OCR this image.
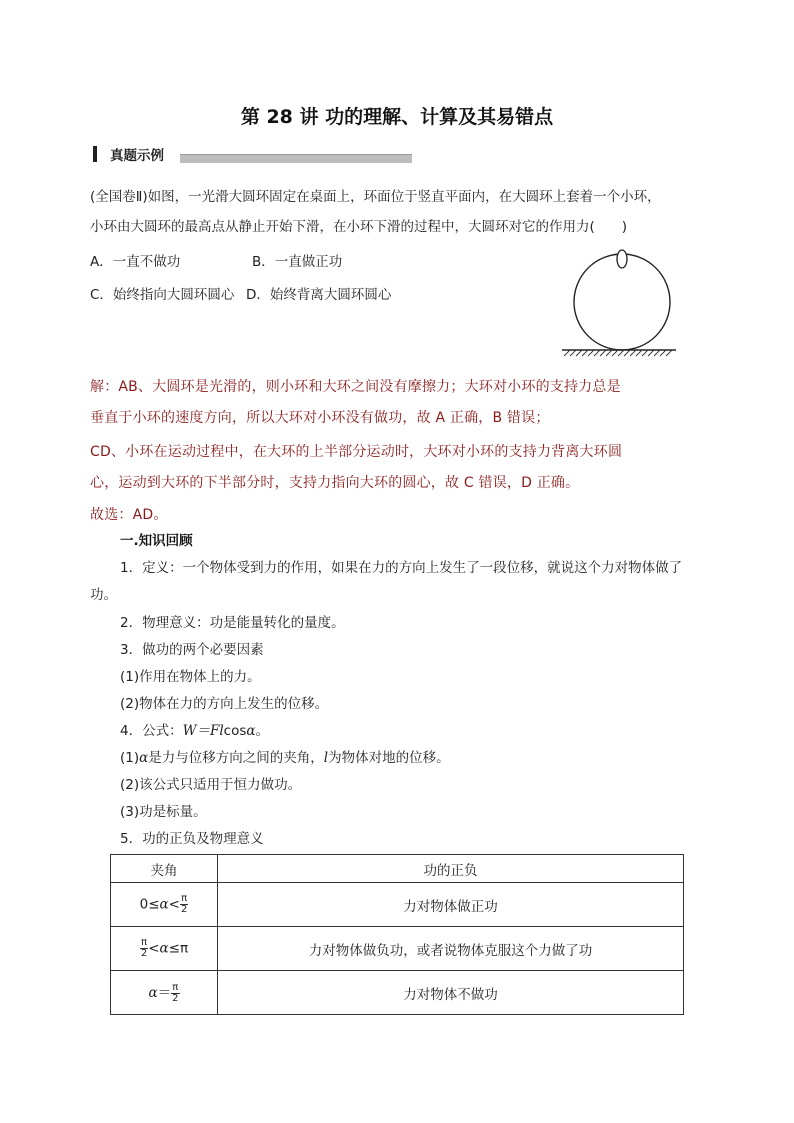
第 28 讲 功的理解、计算及其易错点
真题示例
(全国卷Ⅱ)如图，一光滑大圆环固定在桌面上，环面位于竖直平面内，在大圆环上套着一个小环，
小环由大圆环的最高点从静止开始下滑，在小环下滑的过程中，大圆环对它的作用力(　　)
A．一直不做功	B．一直做正功
C．始终指向大圆环圆心 D．始终背离大圆环圆心
解：AB、大圆环是光滑的，则小环和大环之间没有摩擦力；大环对小环的支持力总是
垂直于小环的速度方向，所以大环对小环没有做功，故 A 正确，B 错误；
CD、小环在运动过程中，在大环的上半部分运动时，大环对小环的支持力背离大环圆
心，运动到大环的下半部分时，支持力指向大环的圆心，故 C 错误，D 正确。
故选：AD。
一.知识回顾
1．定义：一个物体受到力的作用，如果在力的方向上发生了一段位移，就说这个力对物体做了
功。
2．物理意义：功是能量转化的量度。
3．做功的两个必要因素
(1)作用在物体上的力。
(2)物体在力的方向上发生的位移。
4．公式：W＝Flcosα。
(1)α是力与位移方向之间的夹角，l为物体对地的位移。
(2)该公式只适用于恒力做功。
(3)功是标量。
5．功的正负及物理意义
夹角	功的正负
$0\le\alpha< \frac{\pi}{2}$	力对物体做正功

$\frac{\pi}{2} <\alpha\le\pi$	力对物体做负功，或者说物体克服这个力做了功
$\alpha= \frac{\pi}{2}$	力对物体不做功
